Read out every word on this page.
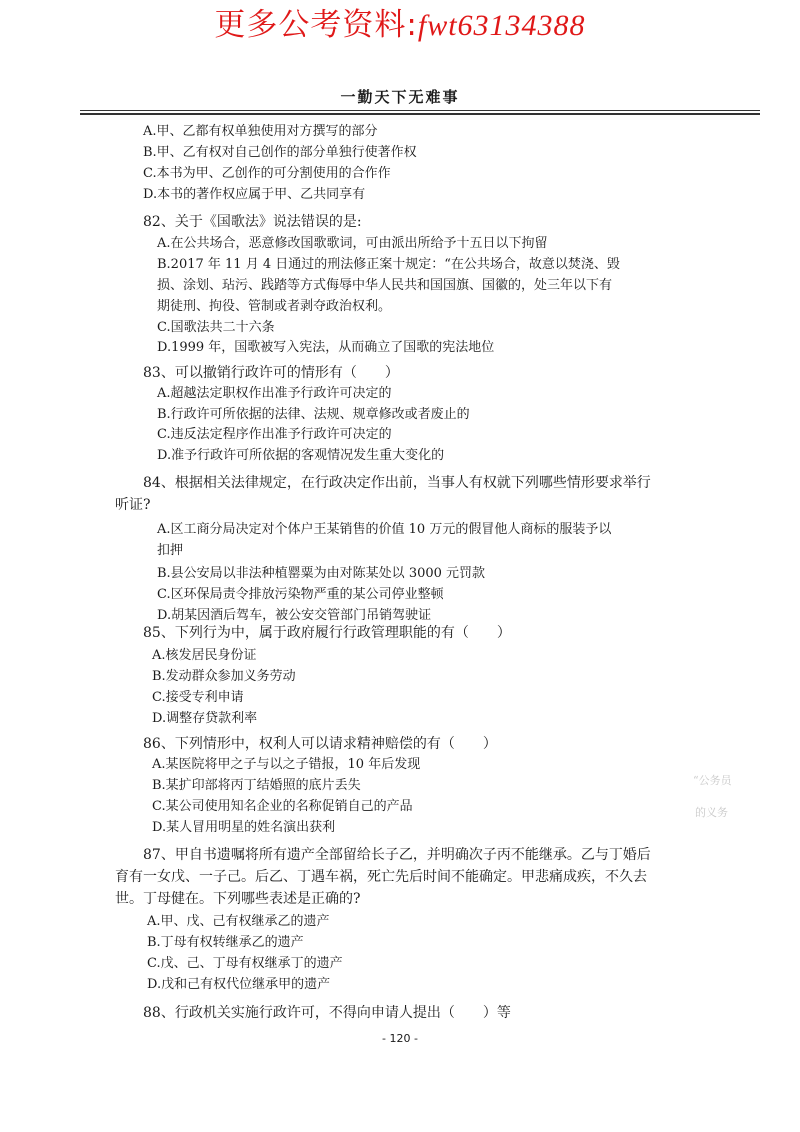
更多公考资料:fwt63134388
一勤天下无难事
A.甲、乙都有权单独使用对方撰写的部分
B.甲、乙有权对自己创作的部分单独行使著作权
C.本书为甲、乙创作的可分割使用的合作作
D.本书的著作权应属于甲、乙共同享有
82、关于《国歌法》说法错误的是:
A.在公共场合，恶意修改国歌歌词，可由派出所给予十五日以下拘留
B.2017 年 11 月 4 日通过的刑法修正案十规定：“在公共场合，故意以焚浇、毁
损、涂划、玷污、践踏等方式侮辱中华人民共和国国旗、国徽的，处三年以下有
期徒刑、拘役、管制或者剥夺政治权利。
C.国歌法共二十六条
D.1999 年，国歌被写入宪法，从而确立了国歌的宪法地位
83、可以撤销行政许可的情形有（　　）
A.超越法定职权作出准予行政许可决定的
B.行政许可所依据的法律、法规、规章修改或者废止的
C.违反法定程序作出准予行政许可决定的
D.准予行政许可所依据的客观情况发生重大变化的
84、根据相关法律规定，在行政决定作出前，当事人有权就下列哪些情形要求举行
听证?
A.区工商分局决定对个体户王某销售的价值 10 万元的假冒他人商标的服装予以
扣押
B.县公安局以非法种植罂粟为由对陈某处以 3000 元罚款
C.区环保局责令排放污染物严重的某公司停业整顿
D.胡某因酒后驾车，被公安交管部门吊销驾驶证
85、下列行为中，属于政府履行行政管理职能的有（　　）
A.核发居民身份证
B.发动群众参加义务劳动
C.接受专利申请
D.调整存贷款利率
86、下列情形中，权利人可以请求精神赔偿的有（　　）
A.某医院将甲之子与以之子错报，10 年后发现
B.某扩印部将丙丁结婚照的底片丢失
C.某公司使用知名企业的名称促销自己的产品
D.某人冒用明星的姓名演出获利
87、甲自书遗嘱将所有遗产全部留给长子乙，并明确次子丙不能继承。乙与丁婚后
育有一女戊、一子己。后乙、丁遇车祸，死亡先后时间不能确定。甲悲痛成疾，不久去
世。丁母健在。下列哪些表述是正确的?
A.甲、戊、己有权继承乙的遗产
B.丁母有权转继承乙的遗产
C.戊、己、丁母有权继承丁的遗产
D.戊和己有权代位继承甲的遗产
88、行政机关实施行政许可，不得向申请人提出（　　）等
“公务员
的义务
- 120 -
